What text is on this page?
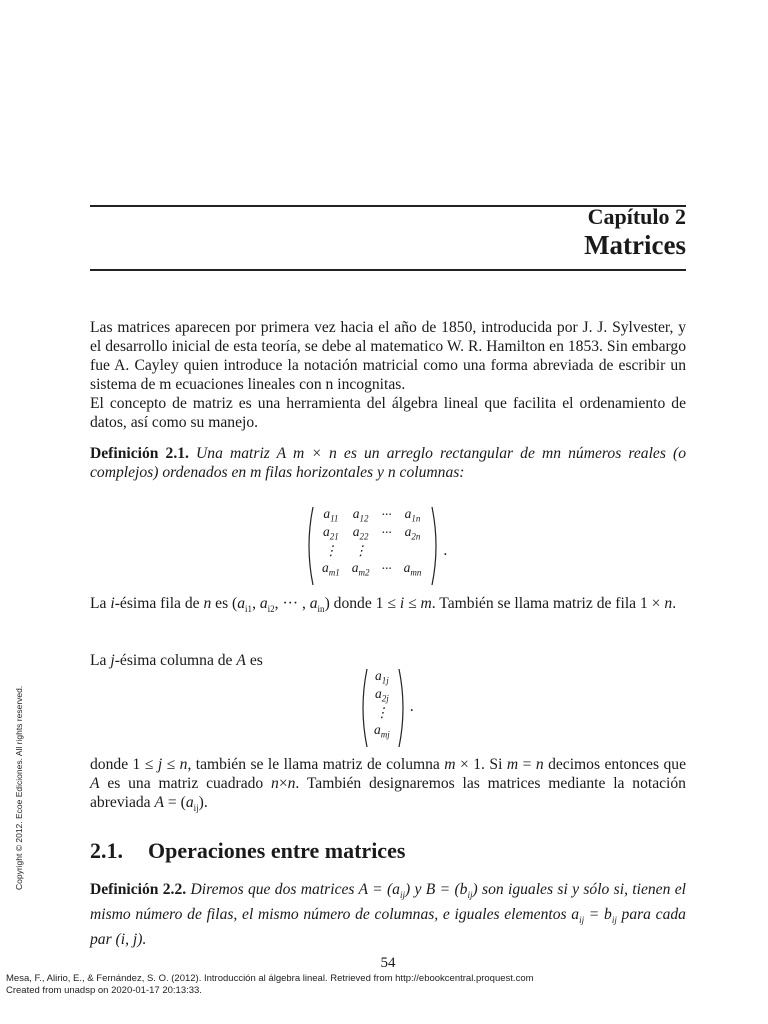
Capítulo 2
Matrices

Las matrices aparecen por primera vez hacia el año de 1850, introducida por J. J. Sylvester, y el desarrollo inicial de esta teoría, se debe al matematico W. R. Hamilton en 1853. Sin embargo fue A. Cayley quien introduce la notación matricial como una forma abreviada de escribir un sistema de m ecuaciones lineales con n incognitas.

El concepto de matriz es una herramienta del álgebra lineal que facilita el ordenamiento de datos, así como su manejo.

Definición 2.1. Una matriz A m × n es un arreglo rectangular de mn números reales (o complejos) ordenados en m filas horizontales y n columnas:
$a_{11}$	$a_{12}$	···	$a_{1n}$
$a_{21}$	$a_{22}$	···	$a_{2n}$
⋮	⋮		
$a_{m1}$	$a_{m2}$	···	$a_{mn}$
.
La i-ésima fila de n es ($a_{i1}$, $a_{i2}$, ··· , $a_{in}$) donde 1 ≤ i ≤ m. También se llama matriz de fila 1 × n.
La j-ésima columna de A es
$a_{1j}$
$a_{2j}$
⋮
$a_{mj}$
.
donde 1 ≤ j ≤ n, también se le llama matriz de columna m × 1. Si m = n decimos entonces que A es una matriz cuadrado n×n. También designaremos las matrices mediante la notación abreviada $A = (a_{ij})$.
2.1. Operaciones entre matrices
Definición 2.2. Diremos que dos matrices $A = (a_{ij})$ y $B = (b_{ij})$ son iguales si y sólo si, tienen el mismo número de filas, el mismo número de columnas, e iguales elementos $a_{ij} = b_{ij}$ para cada par (i, j).
54
Mesa, F., Alirio, E., & Fernández, S. O. (2012). Introducción al álgebra lineal. Retrieved from http://ebookcentral.proquest.com
Created from unadsp on 2020-01-17 20:13:33.
Copyright © 2012. Ecoe Ediciones. All rights reserved.
